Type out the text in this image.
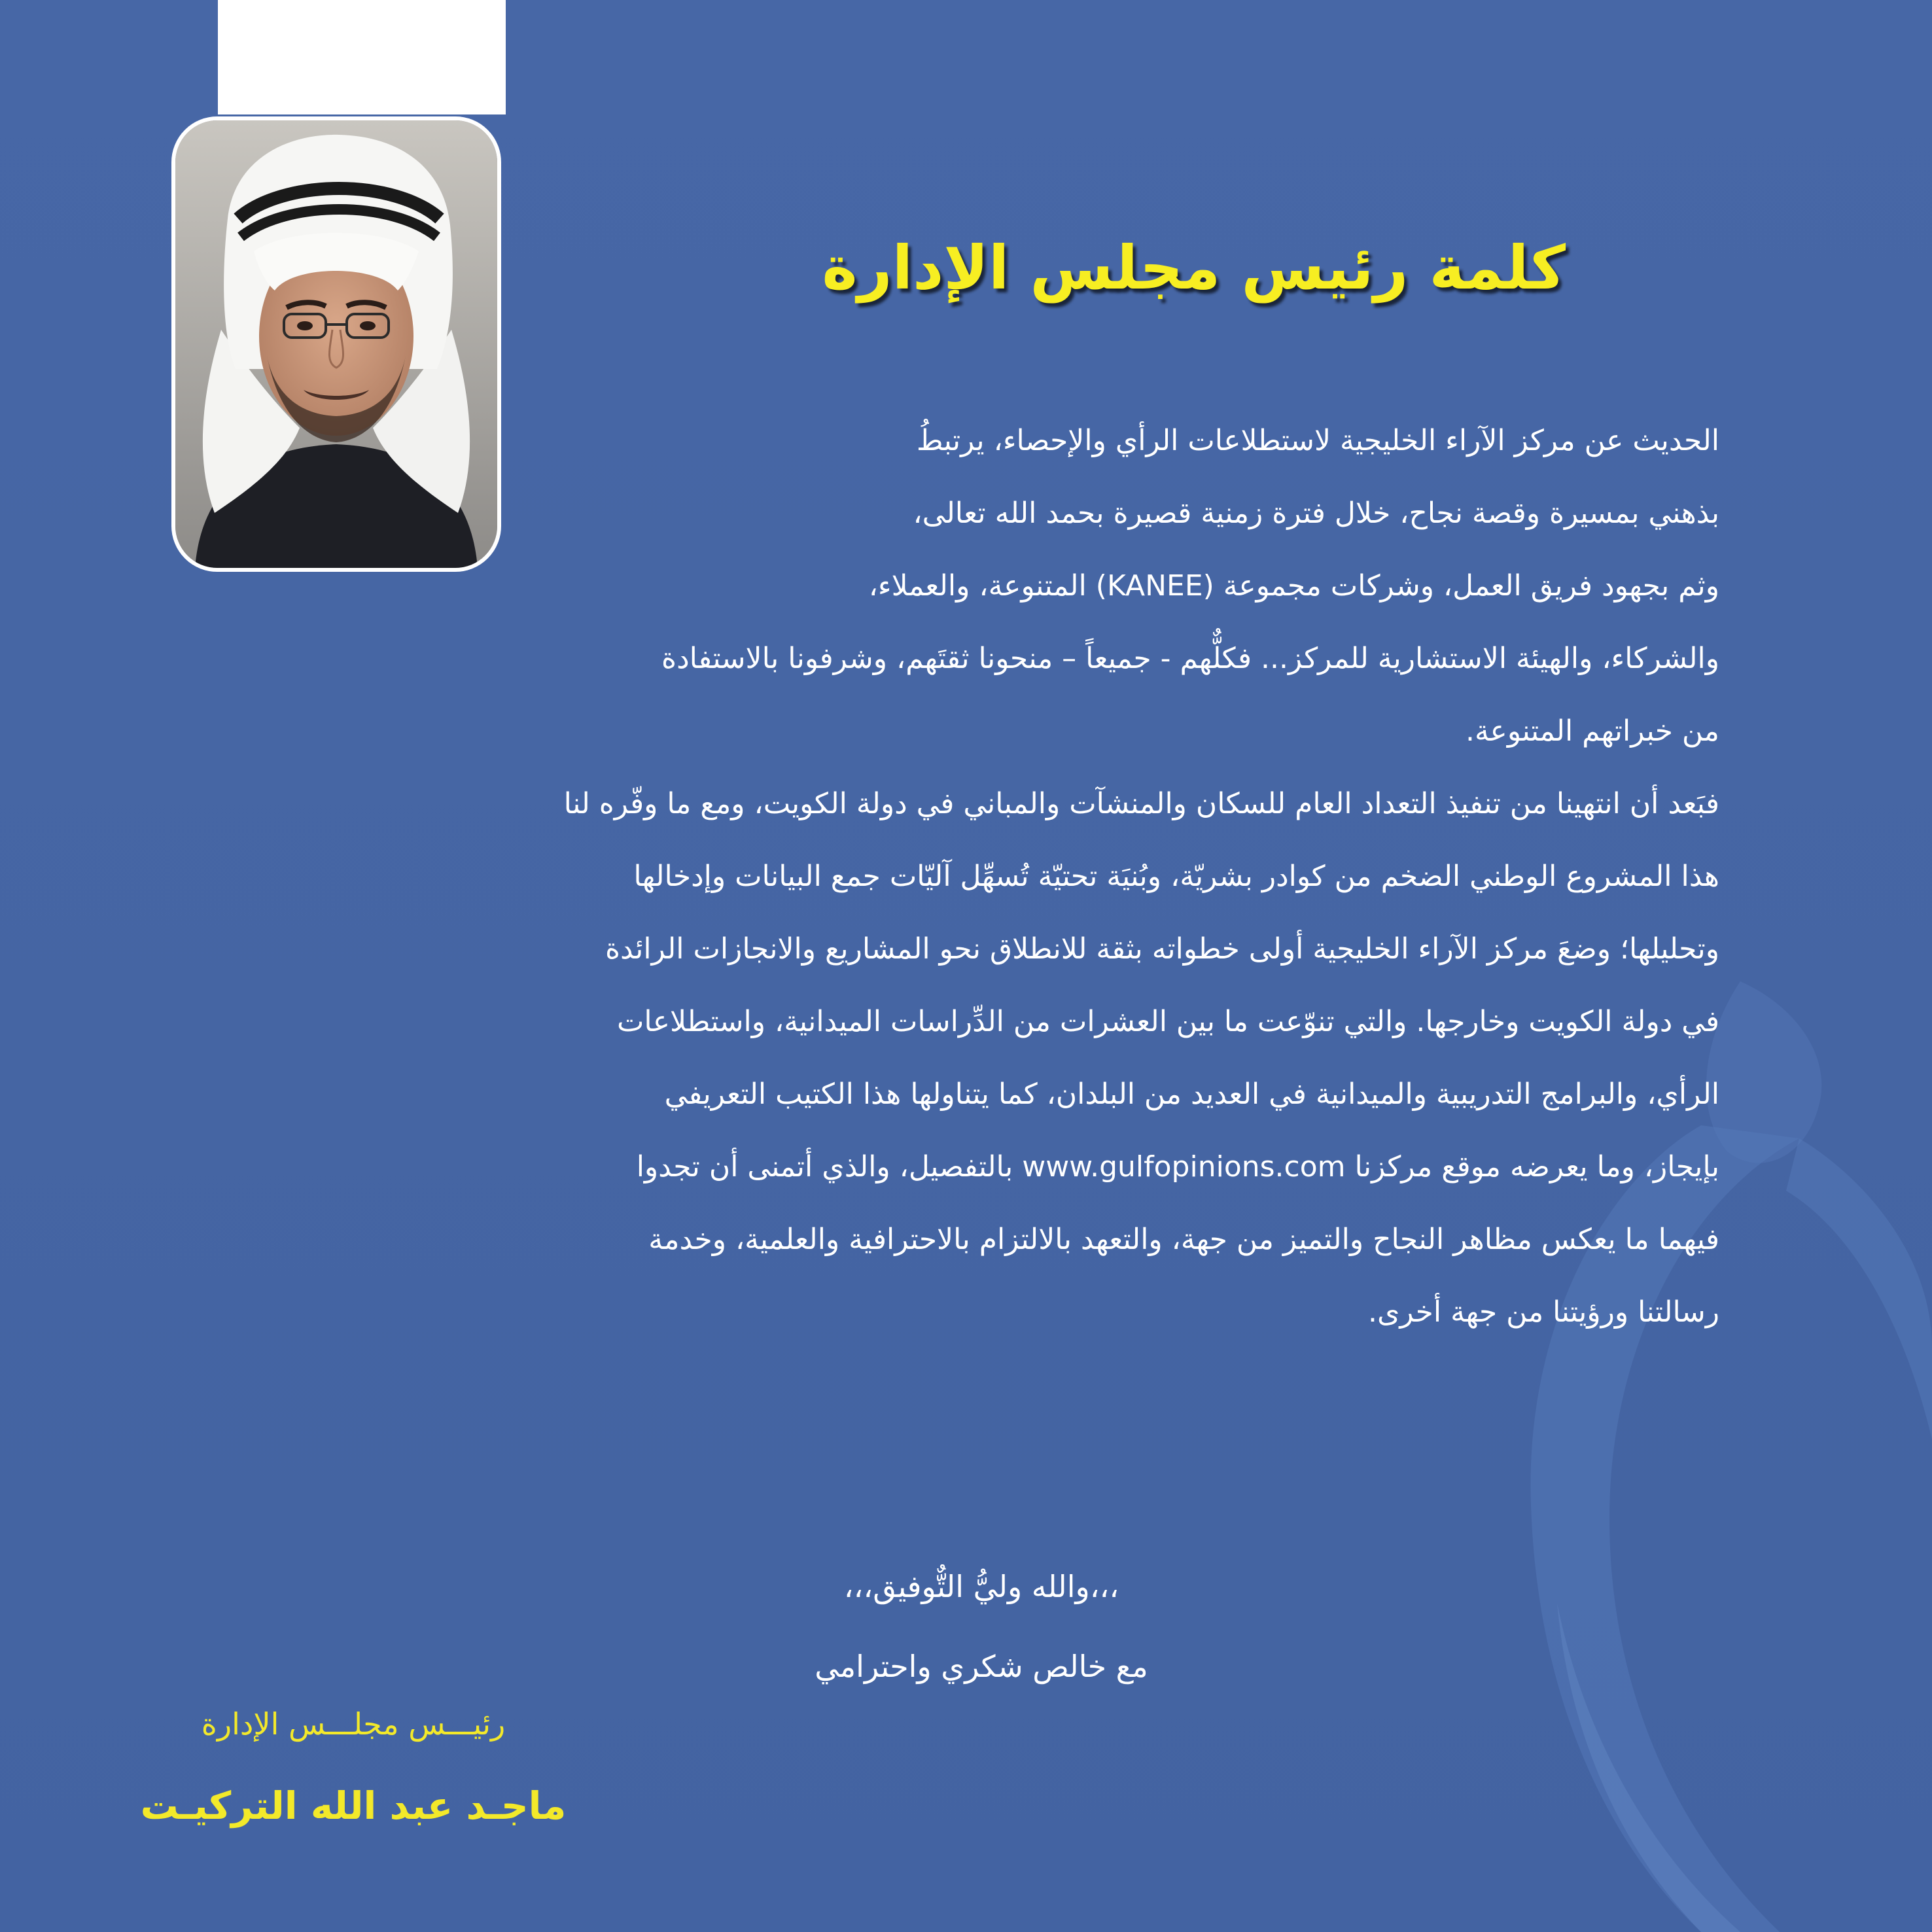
كلمة رئيس مجلس الإدارة
الحديث عن مركز الآراء الخليجية لاستطلاعات الرأي والإحصاء، يرتبطُ
بذهني بمسيرة وقصة نجاح، خلال فترة زمنية قصيرة بحمد الله تعالى،
وثم بجهود فريق العمل، وشركات مجموعة (KANEE) المتنوعة، والعملاء،
والشركاء، والهيئة الاستشارية للمركز... فكلٌّهم - جميعاً – منحونا ثقتَهم، وشرفونا بالاستفادة
من خبراتهم المتنوعة.
فبَعد أن انتهينا من تنفيذ التعداد العام للسكان والمنشآت والمباني في دولة الكويت، ومع ما وفّره لنا
هذا المشروع الوطني الضخم من كوادر بشريّة، وبُنيَة تحتيّة تُسهِّل آليّات جمع البيانات وإدخالها
وتحليلها؛ وضعَ مركز الآراء الخليجية أولى خطواته بثقة للانطلاق نحو المشاريع والانجازات الرائدة
في دولة الكويت وخارجها. والتي تنوّعت ما بين العشرات من الدِّراسات الميدانية، واستطلاعات
الرأي، والبرامج التدريبية والميدانية في العديد من البلدان، كما يتناولها هذا الكتيب التعريفي
بإيجاز، وما يعرضه موقع مركزنا www.gulfopinions.com بالتفصيل، والذي أتمنى أن تجدوا
فيهما ما يعكس مظاهر النجاح والتميز من جهة، والتعهد بالالتزام بالاحترافية والعلمية، وخدمة
رسالتنا ورؤيتنا من جهة أخرى.
،،،والله وليُّ التٌّوفيق،،،
مع خالص شكري واحترامي
رئيـــس مجلـــس الإدارة
ماجـد عبد الله التركيـت
